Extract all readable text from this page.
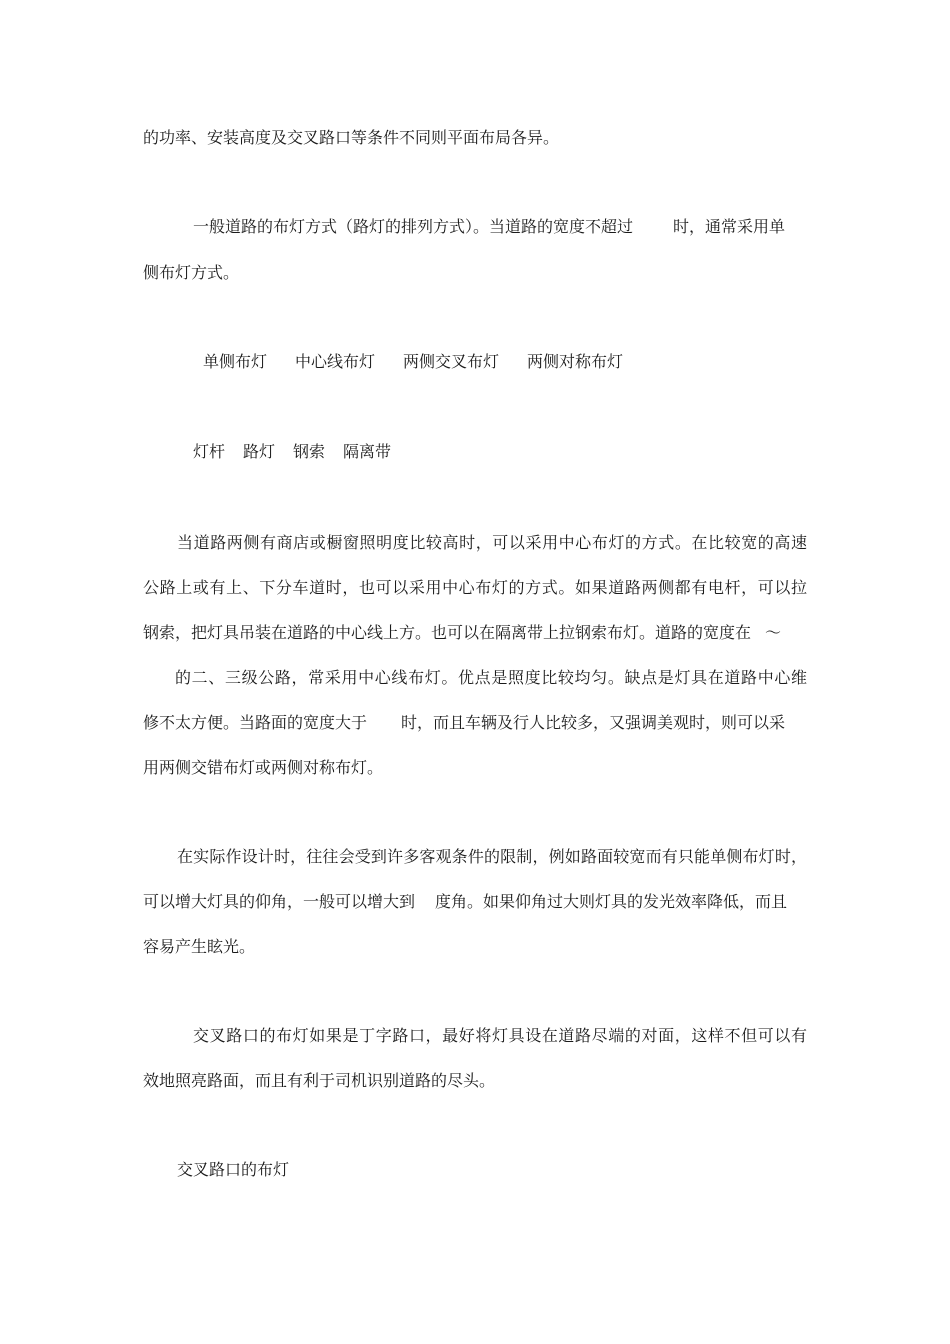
的功率、安装高度及交叉路口等条件不同则平面布局各异。
一般道路的布灯方式（路灯的排列方式）。当道路的宽度不超过	时，通常采用单
侧布灯方式。
单侧布灯 中心线布灯 两侧交叉布灯 两侧对称布灯
灯杆 路灯 钢索 隔离带
当道路两侧有商店或橱窗照明度比较高时，可以采用中心布灯的方式。在比较宽的高速
公路上或有上、下分车道时，也可以采用中心布灯的方式。如果道路两侧都有电杆，可以拉
钢索，把灯具吊装在道路的中心线上方。也可以在隔离带上拉钢索布灯。道路的宽度在 ～
的二、三级公路，常采用中心线布灯。优点是照度比较均匀。缺点是灯具在道路中心维
修不太方便。当路面的宽度大于 时，而且车辆及行人比较多，又强调美观时，则可以采
用两侧交错布灯或两侧对称布灯。
在实际作设计时，往往会受到许多客观条件的限制，例如路面较宽而有只能单侧布灯时，
可以增大灯具的仰角，一般可以增大到 度角。如果仰角过大则灯具的发光效率降低，而且
容易产生眩光。
交叉路口的布灯如果是丁字路口，最好将灯具设在道路尽端的对面，这样不但可以有
效地照亮路面，而且有利于司机识别道路的尽头。
交叉路口的布灯
